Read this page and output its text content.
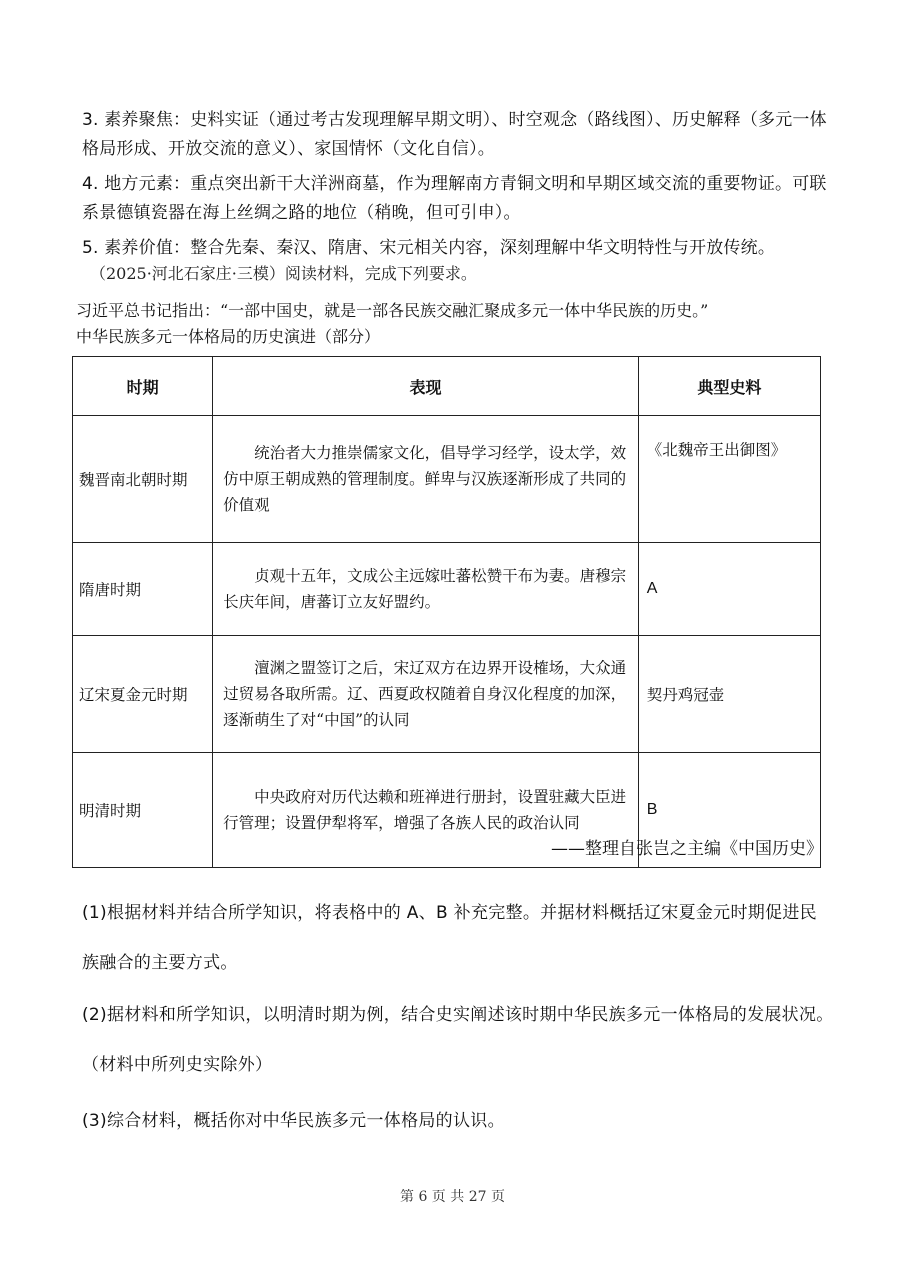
3. 素养聚焦：史料实证（通过考古发现理解早期文明）、时空观念（路线图）、历史解释（多元一体格局形成、开放交流的意义）、家国情怀（文化自信）。

4. 地方元素：重点突出新干大洋洲商墓，作为理解南方青铜文明和早期区域交流的重要物证。可联系景德镇瓷器在海上丝绸之路的地位（稍晚，但可引申）。

5. 素养价值：整合先秦、秦汉、隋唐、宋元相关内容，深刻理解中华文明特性与开放传统。

（2025·河北石家庄·三模）阅读材料，完成下列要求。

习近平总书记指出：“一部中国史，就是一部各民族交融汇聚成多元一体中华民族的历史。”

中华民族多元一体格局的历史演进（部分）

时期	表现	典型史料
魏晋南北朝时期	统治者大力推崇儒家文化，倡导学习经学，设太学，效仿中原王朝成熟的管理制度。鲜卑与汉族逐渐形成了共同的价值观	《北魏帝王出御图》
隋唐时期	贞观十五年，文成公主远嫁吐蕃松赞干布为妻。唐穆宗长庆年间，唐蕃订立友好盟约。	A
辽宋夏金元时期	澶渊之盟签订之后，宋辽双方在边界开设榷场，大众通过贸易各取所需。辽、西夏政权随着自身汉化程度的加深，逐渐萌生了对“中国”的认同	契丹鸡冠壶
明清时期	中央政府对历代达赖和班禅进行册封，设置驻藏大臣进行管理；设置伊犁将军，增强了各族人民的政治认同	B
——整理自张岂之主编《中国历史》

(1)根据材料并结合所学知识，将表格中的 A、B 补充完整。并据材料概括辽宋夏金元时期促进民族融合的主要方式。

(2)据材料和所学知识，以明清时期为例，结合史实阐述该时期中华民族多元一体格局的发展状况。（材料中所列史实除外）

(3)综合材料，概括你对中华民族多元一体格局的认识。

第 6 页 共 27 页
